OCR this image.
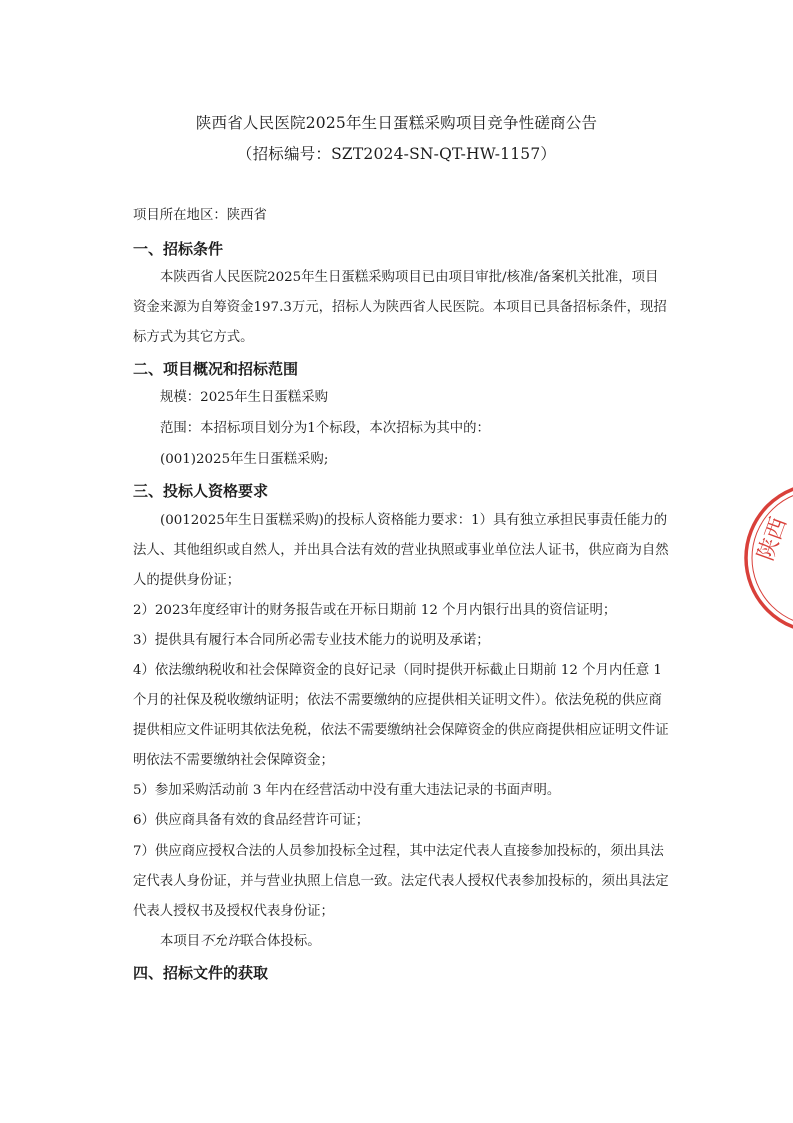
陕西省人民医院2025年生日蛋糕采购项目竞争性磋商公告
（招标编号：SZT2024-SN-QT-HW-1157）
项目所在地区：陕西省
一、招标条件
本陕西省人民医院2025年生日蛋糕采购项目已由项目审批/核准/备案机关批准，项目
资金来源为自筹资金197.3万元，招标人为陕西省人民医院。本项目已具备招标条件，现招
标方式为其它方式。
二、项目概况和招标范围
规模：2025年生日蛋糕采购
范围：本招标项目划分为1个标段，本次招标为其中的：
(001)2025年生日蛋糕采购;
三、投标人资格要求
(0012025年生日蛋糕采购)的投标人资格能力要求：1）具有独立承担民事责任能力的
法人、其他组织或自然人，并出具合法有效的营业执照或事业单位法人证书，供应商为自然
人的提供身份证；
2）2023年度经审计的财务报告或在开标日期前 12 个月内银行出具的资信证明；
3）提供具有履行本合同所必需专业技术能力的说明及承诺；
4）依法缴纳税收和社会保障资金的良好记录（同时提供开标截止日期前 12 个月内任意 1
个月的社保及税收缴纳证明；依法不需要缴纳的应提供相关证明文件）。依法免税的供应商
提供相应文件证明其依法免税，依法不需要缴纳社会保障资金的供应商提供相应证明文件证
明依法不需要缴纳社会保障资金；
5）参加采购活动前 3 年内在经营活动中没有重大违法记录的书面声明。
6）供应商具备有效的食品经营许可证；
7）供应商应授权合法的人员参加投标全过程，其中法定代表人直接参加投标的，须出具法
定代表人身份证，并与营业执照上信息一致。法定代表人授权代表参加投标的，须出具法定
代表人授权书及授权代表身份证；
本项目不允许联合体投标。
四、招标文件的获取
陕西
